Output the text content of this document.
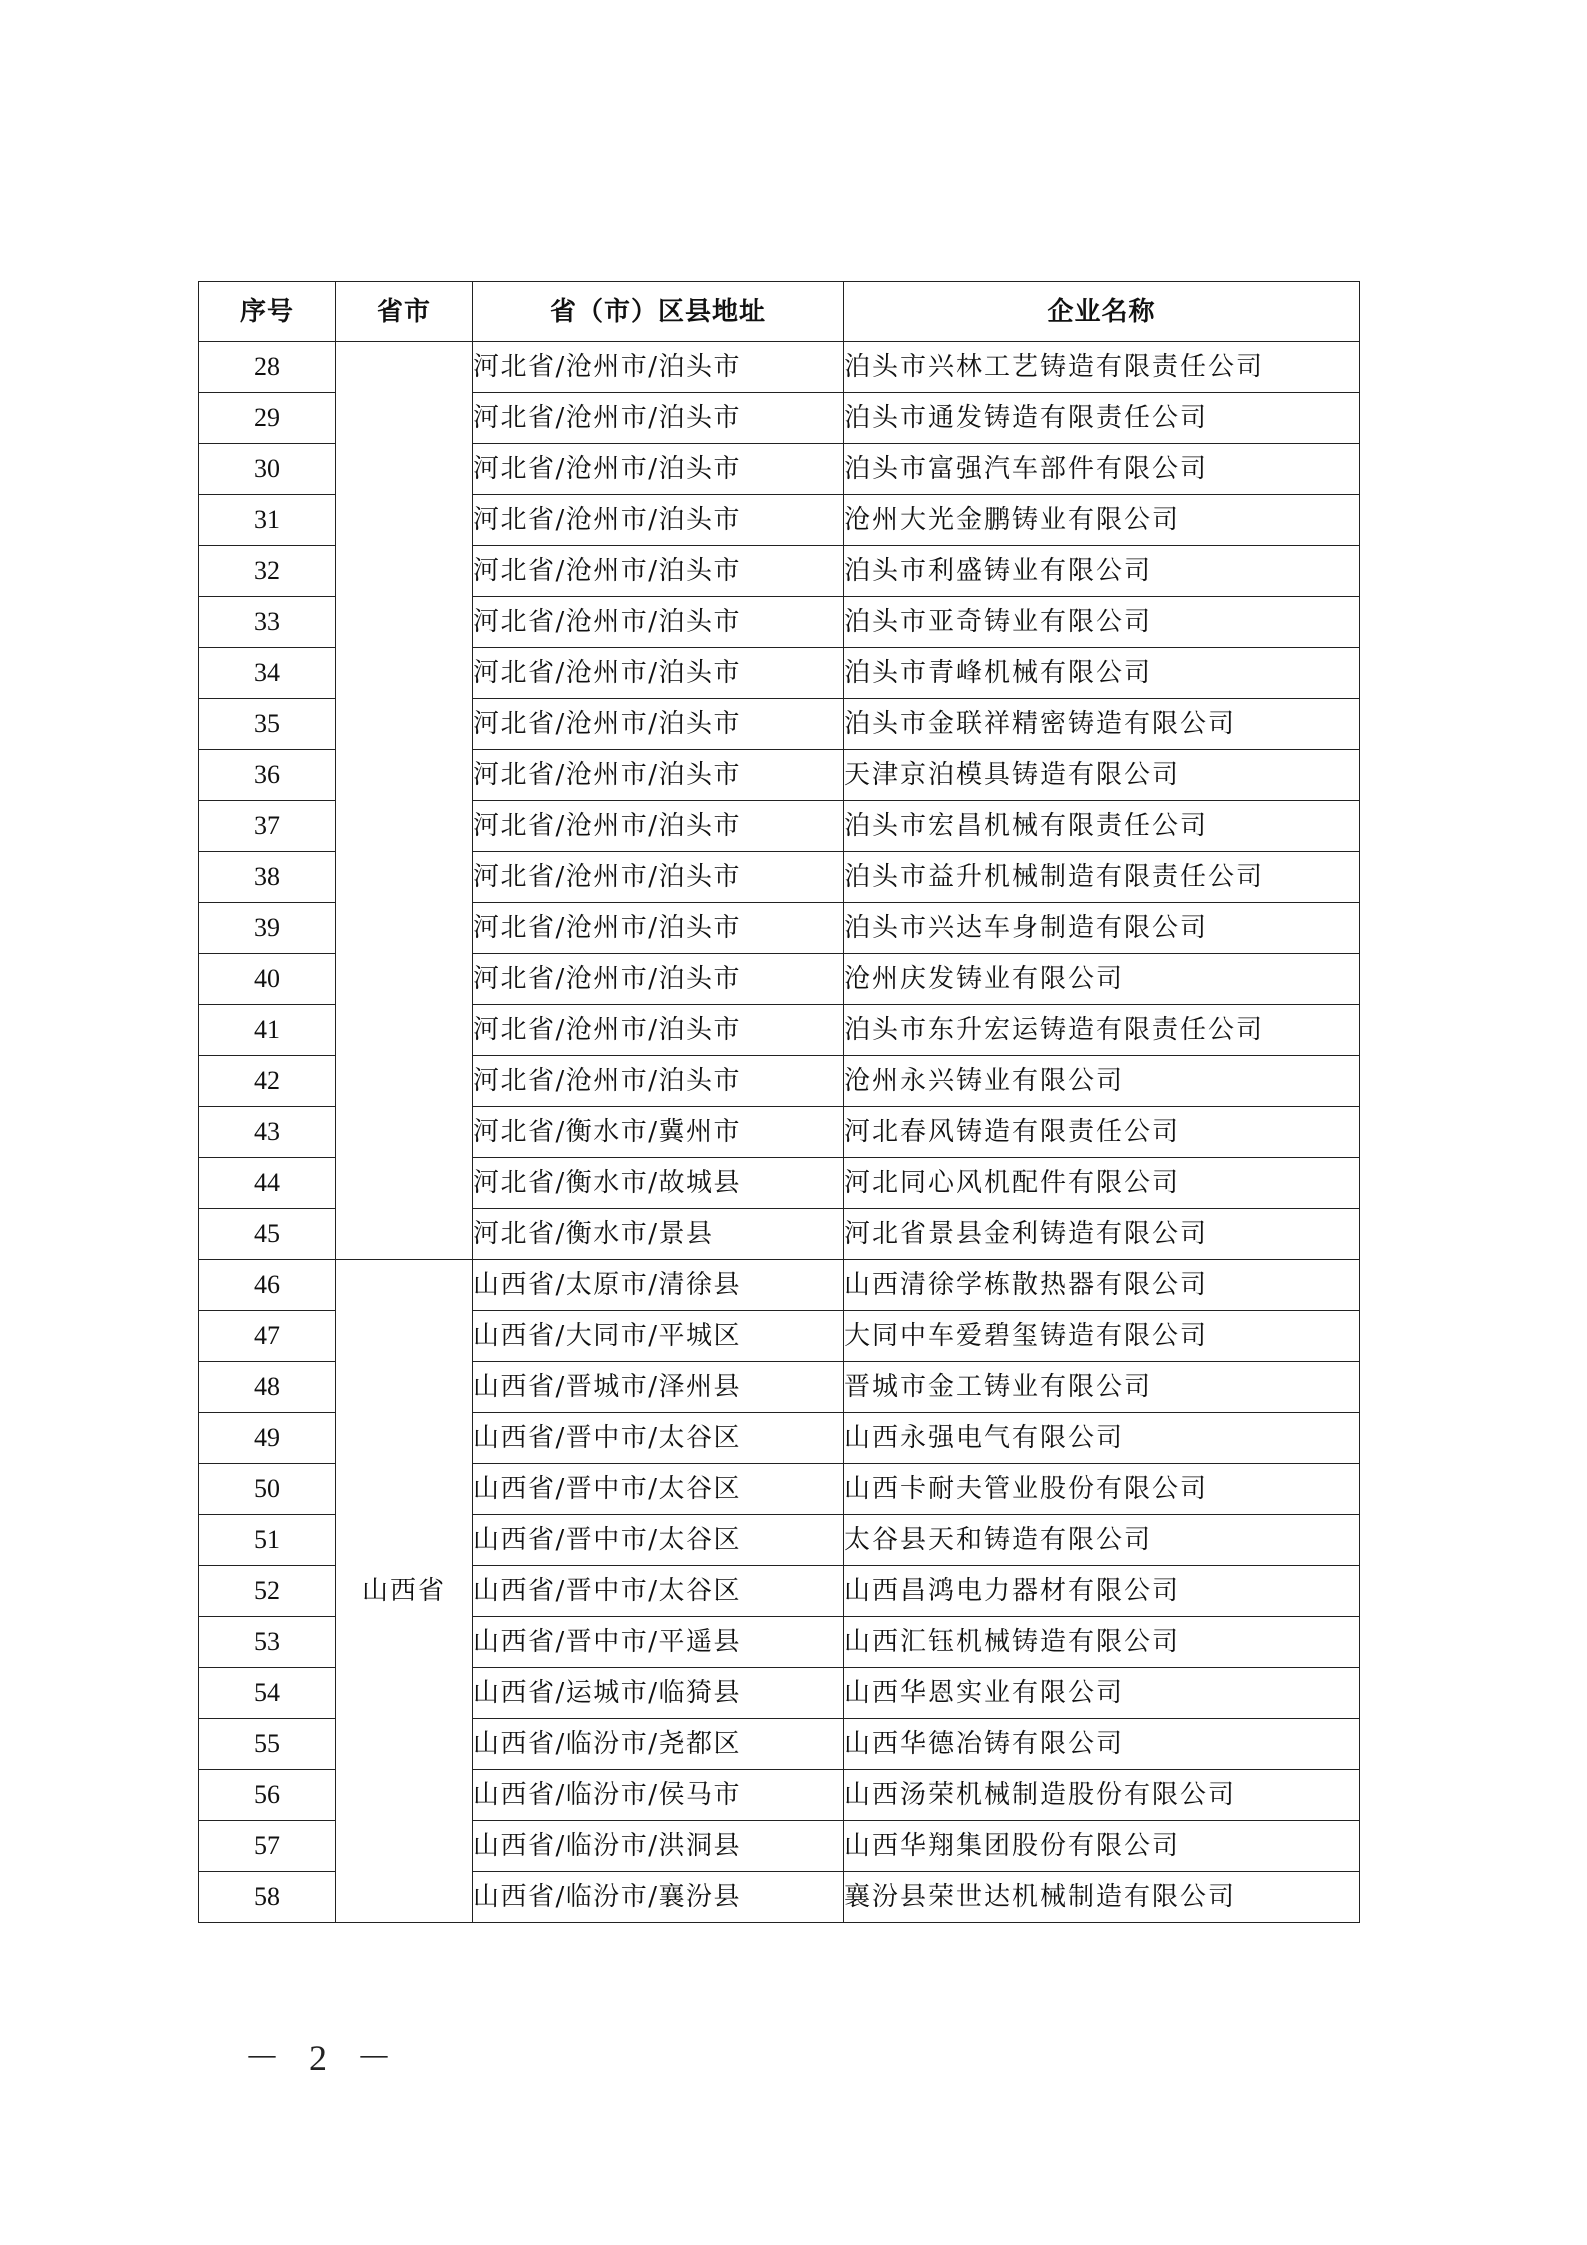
序号	省市	省（市）区县地址	企业名称
28		河北省/沧州市/泊头市	泊头市兴林工艺铸造有限责任公司
29		河北省/沧州市/泊头市	泊头市通发铸造有限责任公司
30		河北省/沧州市/泊头市	泊头市富强汽车部件有限公司
31		河北省/沧州市/泊头市	沧州大光金鹏铸业有限公司
32		河北省/沧州市/泊头市	泊头市利盛铸业有限公司
33		河北省/沧州市/泊头市	泊头市亚奇铸业有限公司
34		河北省/沧州市/泊头市	泊头市青峰机械有限公司
35		河北省/沧州市/泊头市	泊头市金联祥精密铸造有限公司
36		河北省/沧州市/泊头市	天津京泊模具铸造有限公司
37		河北省/沧州市/泊头市	泊头市宏昌机械有限责任公司
38		河北省/沧州市/泊头市	泊头市益升机械制造有限责任公司
39		河北省/沧州市/泊头市	泊头市兴达车身制造有限公司
40		河北省/沧州市/泊头市	沧州庆发铸业有限公司
41		河北省/沧州市/泊头市	泊头市东升宏运铸造有限责任公司
42		河北省/沧州市/泊头市	沧州永兴铸业有限公司
43		河北省/衡水市/冀州市	河北春风铸造有限责任公司
44		河北省/衡水市/故城县	河北同心风机配件有限公司
45		河北省/衡水市/景县	河北省景县金利铸造有限公司
46	山西省	山西省/太原市/清徐县	山西清徐学栋散热器有限公司
47		山西省/大同市/平城区	大同中车爱碧玺铸造有限公司
48		山西省/晋城市/泽州县	晋城市金工铸业有限公司
49		山西省/晋中市/太谷区	山西永强电气有限公司
50		山西省/晋中市/太谷区	山西卡耐夫管业股份有限公司
51		山西省/晋中市/太谷区	太谷县天和铸造有限公司
52		山西省/晋中市/太谷区	山西昌鸿电力器材有限公司
53		山西省/晋中市/平遥县	山西汇钰机械铸造有限公司
54		山西省/运城市/临猗县	山西华恩实业有限公司
55		山西省/临汾市/尧都区	山西华德冶铸有限公司
56		山西省/临汾市/侯马市	山西汤荣机械制造股份有限公司
57		山西省/临汾市/洪洞县	山西华翔集团股份有限公司
58		山西省/临汾市/襄汾县	襄汾县荣世达机械制造有限公司
－ 2 －
